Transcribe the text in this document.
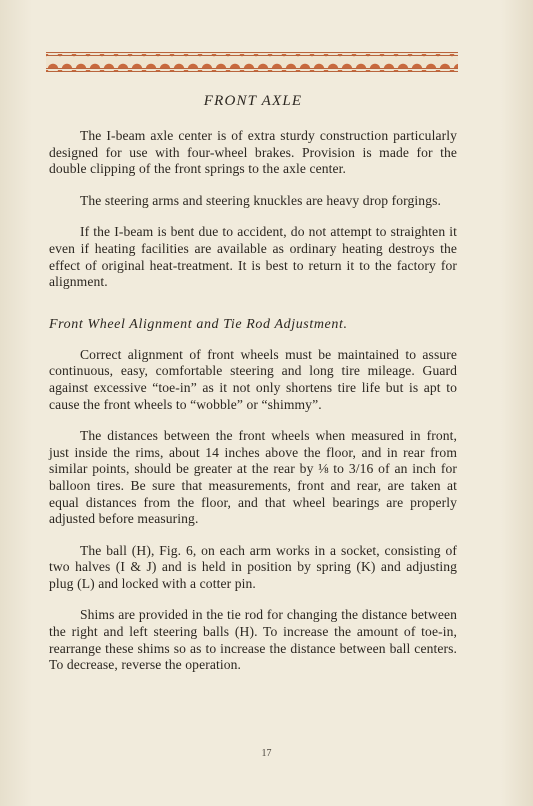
FRONT AXLE

The I-beam axle center is of extra sturdy construction particularly designed for use with four-wheel brakes. Provision is made for the double clipping of the front springs to the axle center.

The steering arms and steering knuckles are heavy drop forgings.

If the I-beam is bent due to accident, do not attempt to straighten it even if heating facilities are available as ordinary heating destroys the effect of original heat-treatment. It is best to return it to the factory for alignment.

Front Wheel Alignment and Tie Rod Adjustment.

Correct alignment of front wheels must be maintained to assure continuous, easy, comfortable steering and long tire mileage. Guard against excessive “toe-in” as it not only shortens tire life but is apt to cause the front wheels to “wobble” or “shimmy”.

The distances between the front wheels when measured in front, just inside the rims, about 14 inches above the floor, and in rear from similar points, should be greater at the rear by ⅛ to 3/16 of an inch for balloon tires. Be sure that measurements, front and rear, are taken at equal distances from the floor, and that wheel bearings are properly adjusted before measuring.

The ball (H), Fig. 6, on each arm works in a socket, consisting of two halves (I & J) and is held in position by spring (K) and adjusting plug (L) and locked with a cotter pin.

Shims are provided in the tie rod for changing the distance between the right and left steering balls (H). To increase the amount of toe-in, rearrange these shims so as to increase the distance between ball centers. To decrease, reverse the operation.

17
